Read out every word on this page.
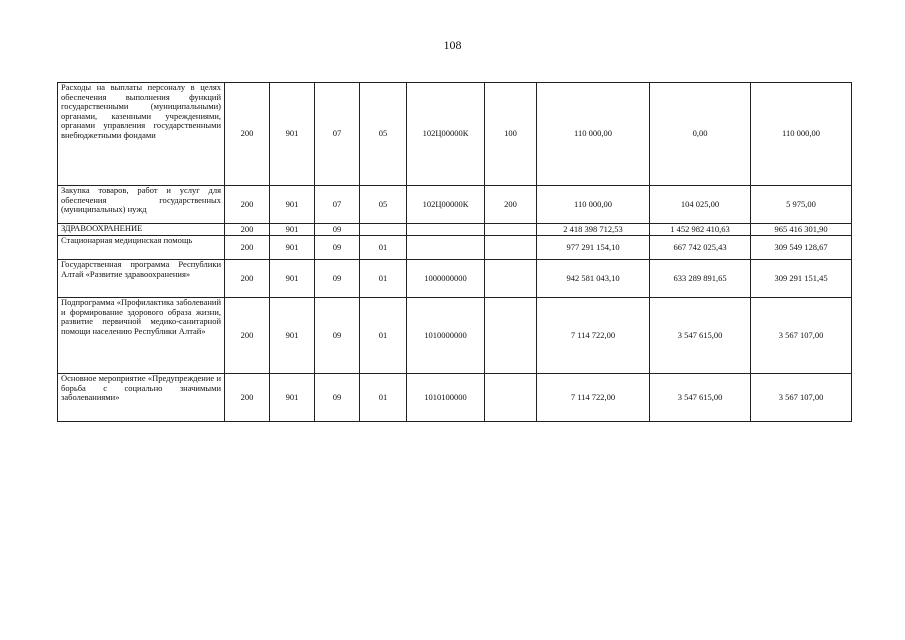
108
Расходы на выплаты персоналу в целях обеспечения выполнения функций государственными (муниципальными) органами, казенными учреждениями, органами управления государственными внебюджетными фондами	200	901	07	05	102Ц00000К	100	110 000,00	0,00	110 000,00
Закупка товаров, работ и услуг для обеспечения государственных (муниципальных) нужд	200	901	07	05	102Ц00000К	200	110 000,00	104 025,00	5 975,00
ЗДРАВООХРАНЕНИЕ	200	901	09				2 418 398 712,53	1 452 982 410,63	965 416 301,90
Стационарная медицинская помощь	200	901	09	01			977 291 154,10	667 742 025,43	309 549 128,67
Государственная программа Республики Алтай «Развитие здравоохранения»	200	901	09	01	1000000000		942 581 043,10	633 289 891,65	309 291 151,45
Подпрограмма «Профилактика заболеваний и формирование здорового образа жизни, развитие первичной медико-санитарной помощи населению Республики Алтай»	200	901	09	01	1010000000		7 114 722,00	3 547 615,00	3 567 107,00
Основное мероприятие «Предупреждение и борьба с социально значимыми заболеваниями»	200	901	09	01	1010100000		7 114 722,00	3 547 615,00	3 567 107,00
